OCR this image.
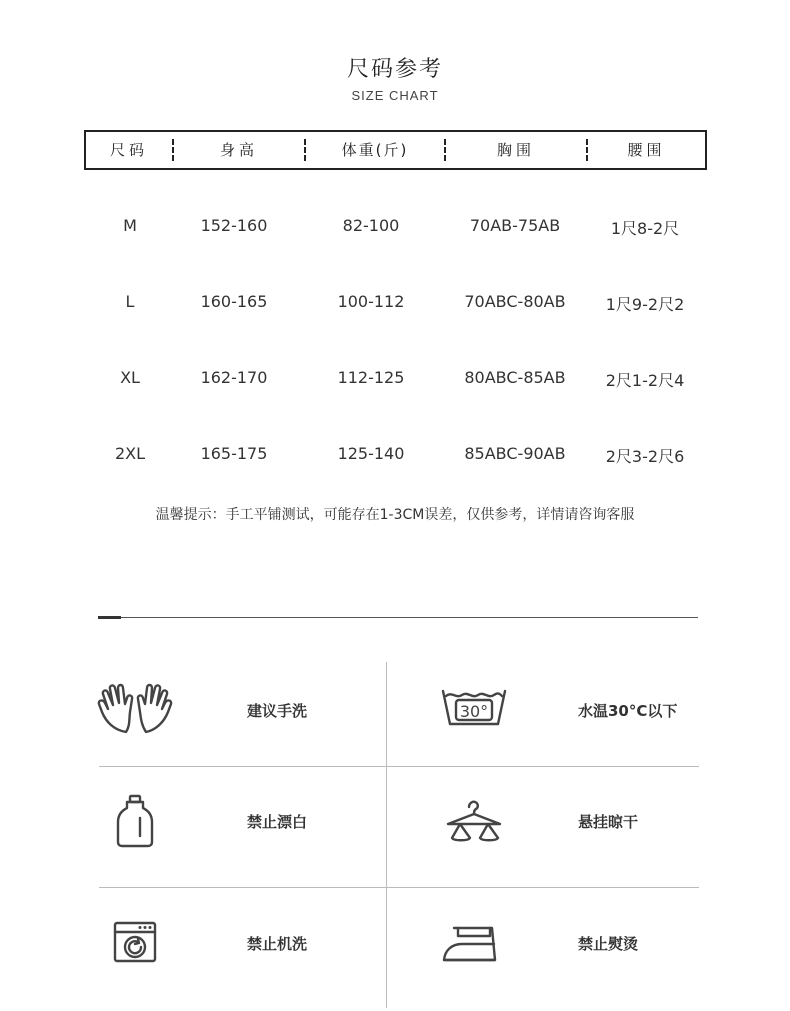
尺码参考
SIZE CHART
尺码	身高	体重(斤)	胸围	腰围
M	152-160	82-100	70AB-75AB	1尺8-2尺
L	160-165	100-112	70ABC-80AB	1尺9-2尺2
XL	162-170	112-125	80ABC-85AB	2尺1-2尺4
2XL	165-175	125-140	85ABC-90AB	2尺3-2尺6
温馨提示：手工平铺测试，可能存在1-3CM误差，仅供参考，详情请咨询客服
建议手洗	30°	水温30°C以下
禁止漂白	悬挂晾干
禁止机洗	禁止熨烫
